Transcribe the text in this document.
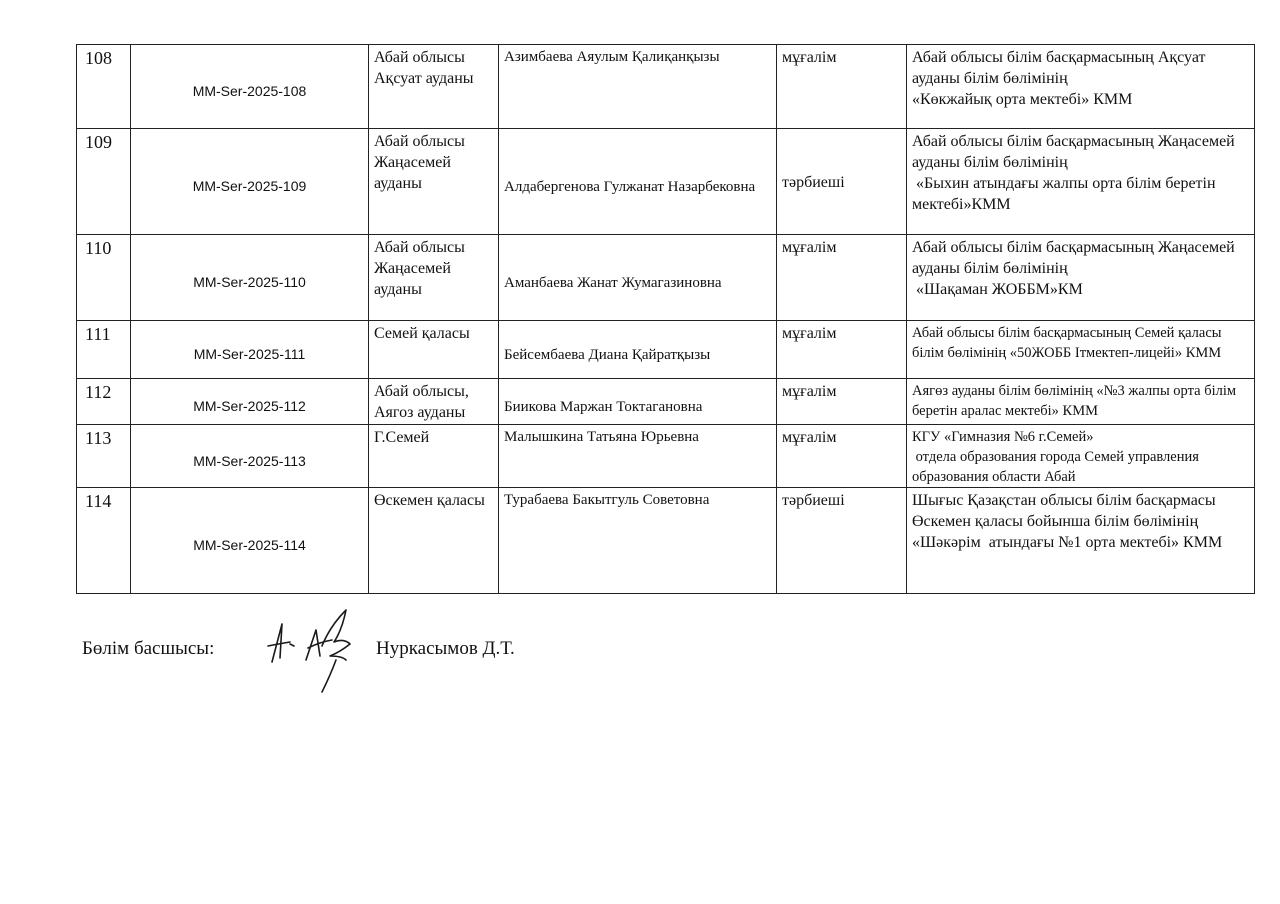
108	MM-Ser-2025-108	Абай облысы Ақсуат ауданы	Азимбаева Аяулым Қалиқанқызы	мұғалім	Абай облысы білім басқармасының Ақсуат ауданы білім бөлімінің
«Көкжайық орта мектебі» КММ
109	MM-Ser-2025-109	Абай облысы Жаңасемей ауданы	Алдабергенова Гулжанат Назарбековна	тәрбиеші	Абай облысы білім басқармасының Жаңасемей ауданы білім бөлімінің
«Быхин атындағы жалпы орта білім беретін мектебі»КММ
110	MM-Ser-2025-110	Абай облысы Жаңасемей ауданы	Аманбаева Жанат Жумагазиновна	мұғалім	Абай облысы білім басқармасының Жаңасемей ауданы білім бөлімінің
«Шақаман ЖОББМ»КМ
111	MM-Ser-2025-111	Семей қаласы	Бейсембаева Диана Қайратқызы	мұғалім	Абай облысы білім басқармасының Семей қаласы білім бөлімінің «50ЖОББ Iтмектеп-лицейі» КММ
112	MM-Ser-2025-112	Абай облысы, Аягоз ауданы	Биикова Маржан Токтагановна	мұғалім	Аягөз ауданы білім бөлімінің «№3 жалпы орта білім беретін аралас мектебі» КММ
113	MM-Ser-2025-113	Г.Семей	Малышкина Татьяна Юрьевна	мұғалім	КГУ «Гимназия №6 г.Семей»
отдела образования города Семей управления образования области Абай
114	MM-Ser-2025-114	Өскемен қаласы	Турабаева Бакытгуль Советовна	тәрбиеші	Шығыс Қазақстан облысы білім басқармасы Өскемен қаласы бойынша білім бөлімінің «Шәкәрім  атындағы №1 орта мектебі» КММ
Бөлім басшысы:	Нуркасымов Д.Т.
